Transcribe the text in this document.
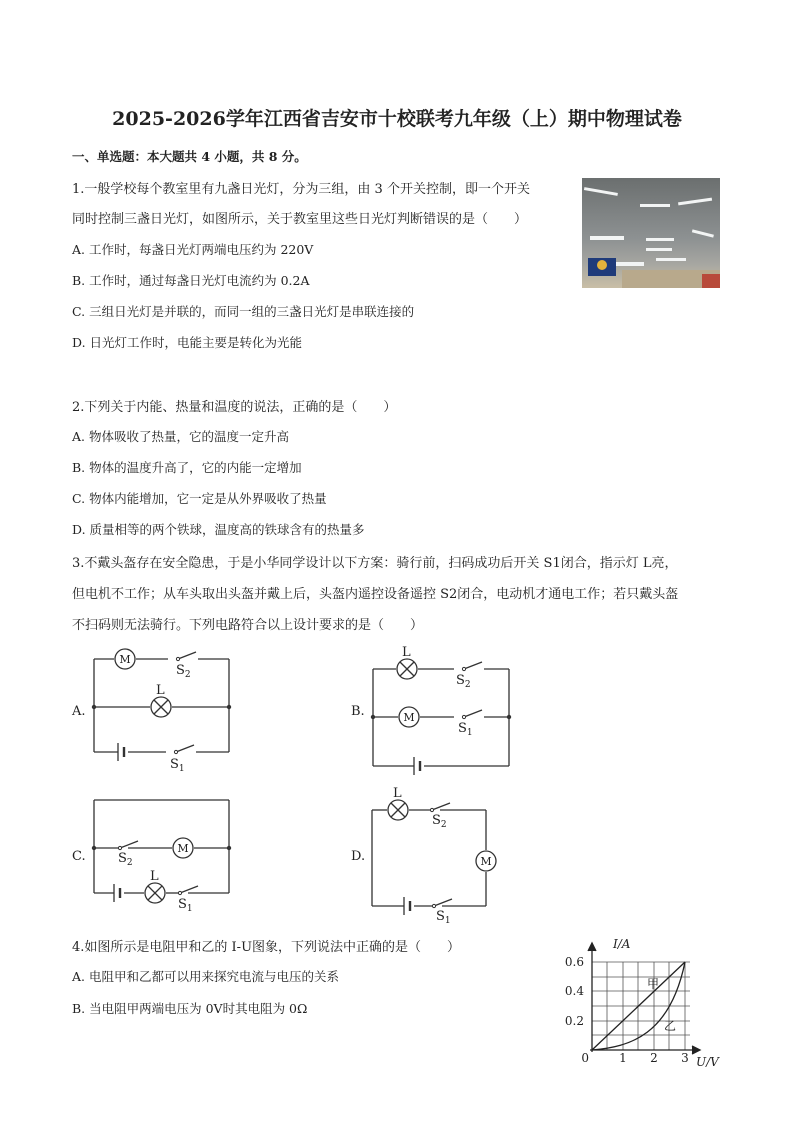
2025-2026学年江西省吉安市十校联考九年级（上）期中物理试卷
一、单选题：本大题共 4 小题，共 8 分。
1.一般学校每个教室里有九盏日光灯，分为三组，由 3 个开关控制，即一个开关
同时控制三盏日光灯，如图所示，关于教室里这些日光灯判断错误的是（　　）
A. 工作时，每盏日光灯两端电压约为 220V
B. 工作时，通过每盏日光灯电流约为 0.2A
C. 三组日光灯是并联的，而同一组的三盏日光灯是串联连接的
D. 日光灯工作时，电能主要是转化为光能
2.下列关于内能、热量和温度的说法，正确的是（　　）
A. 物体吸收了热量，它的温度一定升高
B. 物体的温度升高了，它的内能一定增加
C. 物体内能增加，它一定是从外界吸收了热量
D. 质量相等的两个铁球，温度高的铁球含有的热量多
3.不戴头盔存在安全隐患，于是小华同学设计以下方案：骑行前，扫码成功后开关 S1闭合，指示灯 L亮，
但电机不工作；从车头取出头盔并戴上后，头盔内遥控设备遥控 S2闭合，电动机才通电工作；若只戴头盔
不扫码则无法骑行。下列电路符合以上设计要求的是（　　）
M
M
M
M
L
L
L
L
$S_2$
$S_1$
$S_2$
$S_1$
$S_2$
$S_1$
$S_2$
$S_1$
A.	B.
C.	D.
4.如图所示是电阻甲和乙的 I-U图象，下列说法中正确的是（　　）
A. 电阻甲和乙都可以用来探究电流与电压的关系
B. 当电阻甲两端电压为 0V时其电阻为 0Ω
I/A
U/V
0.6
0.4
0.2
0	1 2 3
甲
乙
